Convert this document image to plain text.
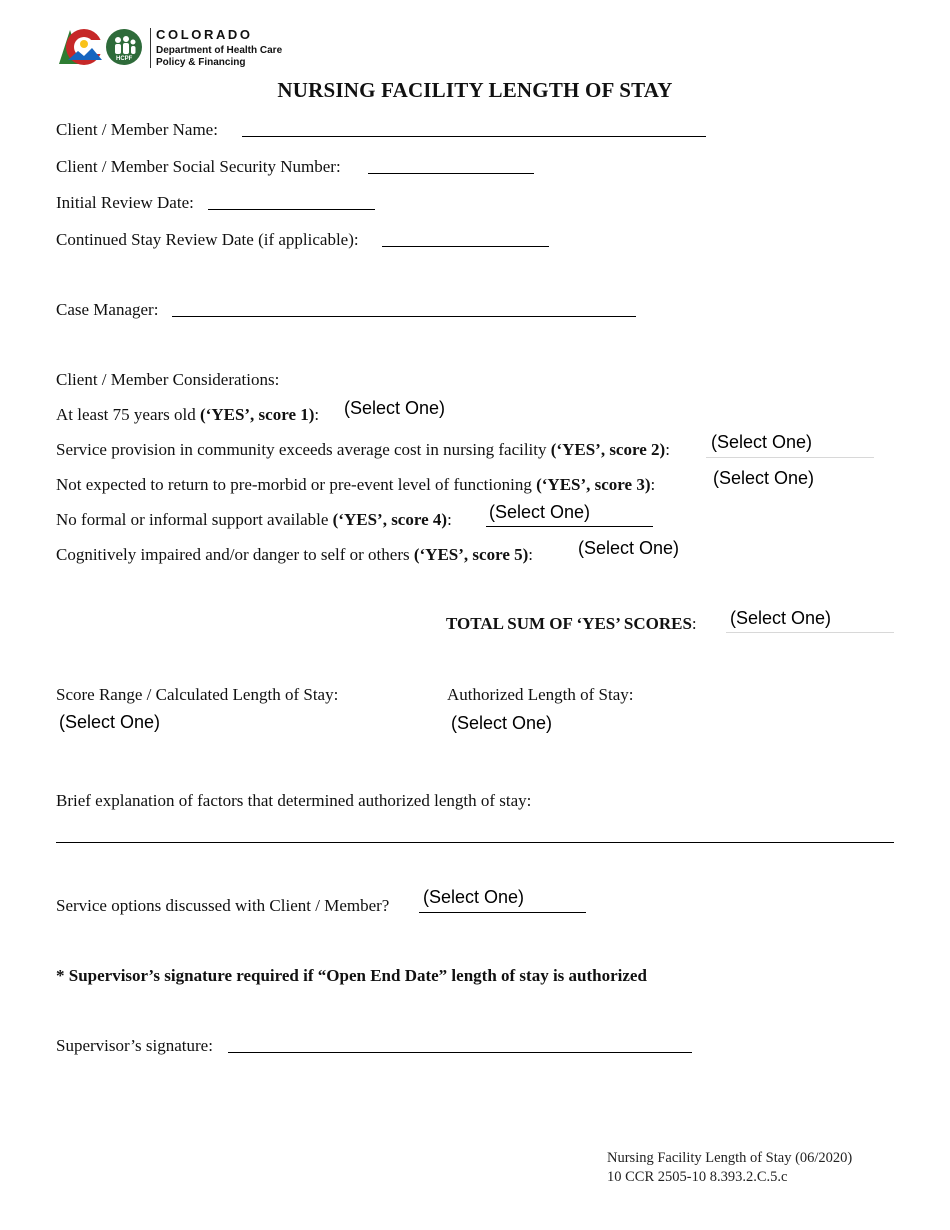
HCPF
COLORADO
Department of Health Care
Policy & Financing
NURSING FACILITY LENGTH OF STAY
Client / Member Name:
Client / Member Social Security Number:
Initial Review Date:
Continued Stay Review Date (if applicable):
Case Manager:
Client / Member Considerations:
At least 75 years old (‘YES’, score 1): (Select One)
Service provision in community exceeds average cost in nursing facility (‘YES’, score 2): (Select One)
Not expected to return to pre-morbid or pre-event level of functioning (‘YES’, score 3):	(Select One)
No formal or informal support available (‘YES’, score 4): (Select One)
Cognitively impaired and/or danger to self or others (‘YES’, score 5): (Select One)
TOTAL SUM OF ‘YES’ SCORES: (Select One)
Score Range / Calculated Length of Stay:
(Select One)
Authorized Length of Stay:
(Select One)
Brief explanation of factors that determined authorized length of stay:
Service options discussed with Client / Member? (Select One)
* Supervisor’s signature required if “Open End Date” length of stay is authorized
Supervisor’s signature:
Nursing Facility Length of Stay (06/2020)
10 CCR 2505-10 8.393.2.C.5.c
